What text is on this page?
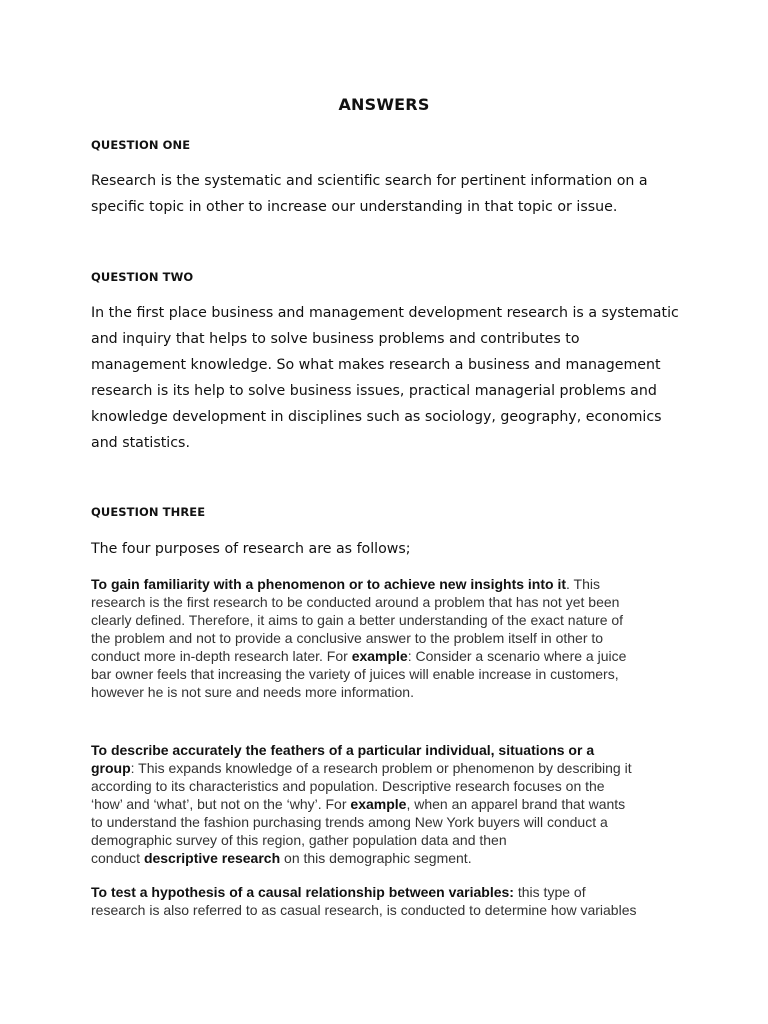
ANSWERS
QUESTION ONE
Research is the systematic and scientific search for pertinent information on a
specific topic in other to increase our understanding in that topic or issue.
QUESTION TWO
In the first place business and management development research is a systematic
and inquiry that helps to solve business problems and contributes to
management knowledge. So what makes research a business and management
research is its help to solve business issues, practical managerial problems and
knowledge development in disciplines such as sociology, geography, economics
and statistics.
QUESTION THREE
The four purposes of research are as follows;
To gain familiarity with a phenomenon or to achieve new insights into it. This
research is the first research to be conducted around a problem that has not yet been
clearly defined. Therefore, it aims to gain a better understanding of the exact nature of
the problem and not to provide a conclusive answer to the problem itself in other to
conduct more in-depth research later. For example: Consider a scenario where a juice
bar owner feels that increasing the variety of juices will enable increase in customers,
however he is not sure and needs more information.
To describe accurately the feathers of a particular individual, situations or a
group: This expands knowledge of a research problem or phenomenon by describing it
according to its characteristics and population. Descriptive research focuses on the
‘how’ and ‘what’, but not on the ‘why’. For example, when an apparel brand that wants
to understand the fashion purchasing trends among New York buyers will conduct a
demographic survey of this region, gather population data and then
conduct descriptive research on this demographic segment.
To test a hypothesis of a causal relationship between variables: this type of
research is also referred to as casual research, is conducted to determine how variables
